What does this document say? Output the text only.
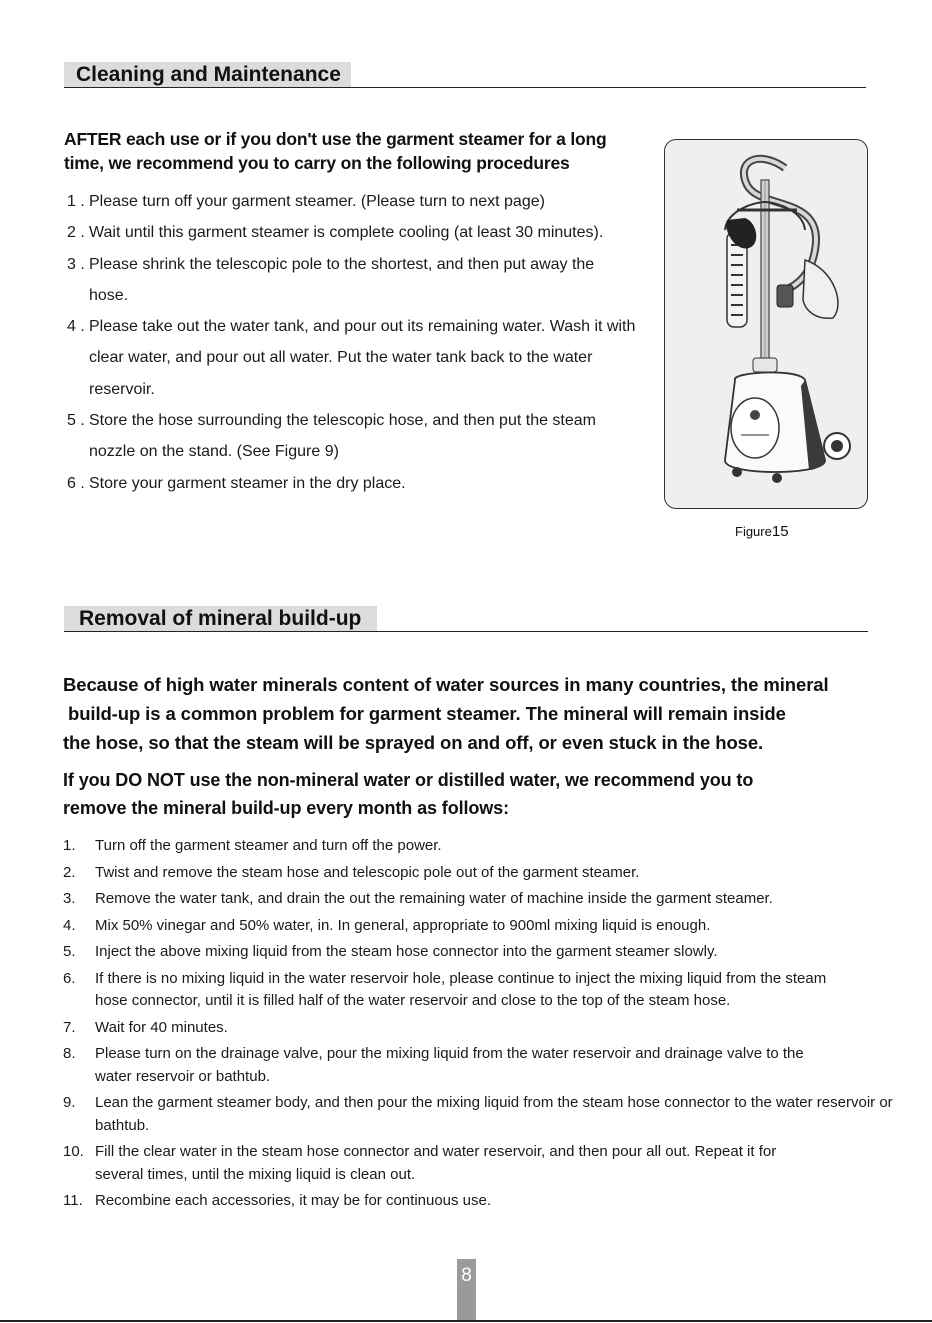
Cleaning and Maintenance
AFTER each use or if you don't use the garment steamer for a long
time, we recommend you to carry on the following procedures
1 . Please turn off your garment steamer. (Please turn to next page)
2 . Wait until this garment steamer is complete cooling (at least 30 minutes).
3 . Please shrink the telescopic pole to the shortest, and then put away the hose.
4 . Please take out the water tank, and pour out its remaining water. Wash it with clear water, and pour out all water. Put the water tank back to the water reservoir.
5 . Store the hose surrounding the telescopic hose, and then put the steam nozzle on the stand. (See Figure 9)
6 . Store your garment steamer in the dry place.
Figure15
Removal of mineral build-up
Because of high water minerals content of water sources in many countries, the mineral
build-up is a common problem for garment steamer. The mineral will remain inside
the hose, so that the steam will be sprayed on and off, or even stuck in the hose.
If you DO NOT use the non-mineral water or distilled water, we recommend you to
remove the mineral build-up every month as follows:
1.	Turn off the garment steamer and turn off the power.
2.	Twist and remove the steam hose and telescopic pole out of the garment steamer.
3.	Remove the water tank, and drain the out the remaining water of machine inside the garment steamer.
4.	Mix 50% vinegar and 50% water, in. In general, appropriate to 900ml mixing liquid is enough.
5.	Inject the above mixing liquid from the steam hose connector into the garment steamer slowly.
6.	If there is no mixing liquid in the water reservoir hole, please continue to inject the mixing liquid from the steam hose connector, until it is filled half of the water reservoir and close to the top of the steam hose.
7.	Wait for 40 minutes.
8.	Please turn on the drainage valve, pour the mixing liquid from the water reservoir and drainage valve to the water reservoir or bathtub.
9.	Lean the garment steamer body, and then pour the mixing liquid from the steam hose connector to the water reservoir or bathtub.
10. Fill the clear water in the steam hose connector and water reservoir, and then pour all out. Repeat it for several times, until the mixing liquid is clean out.
11. Recombine each accessories, it may be for continuous use.
8
